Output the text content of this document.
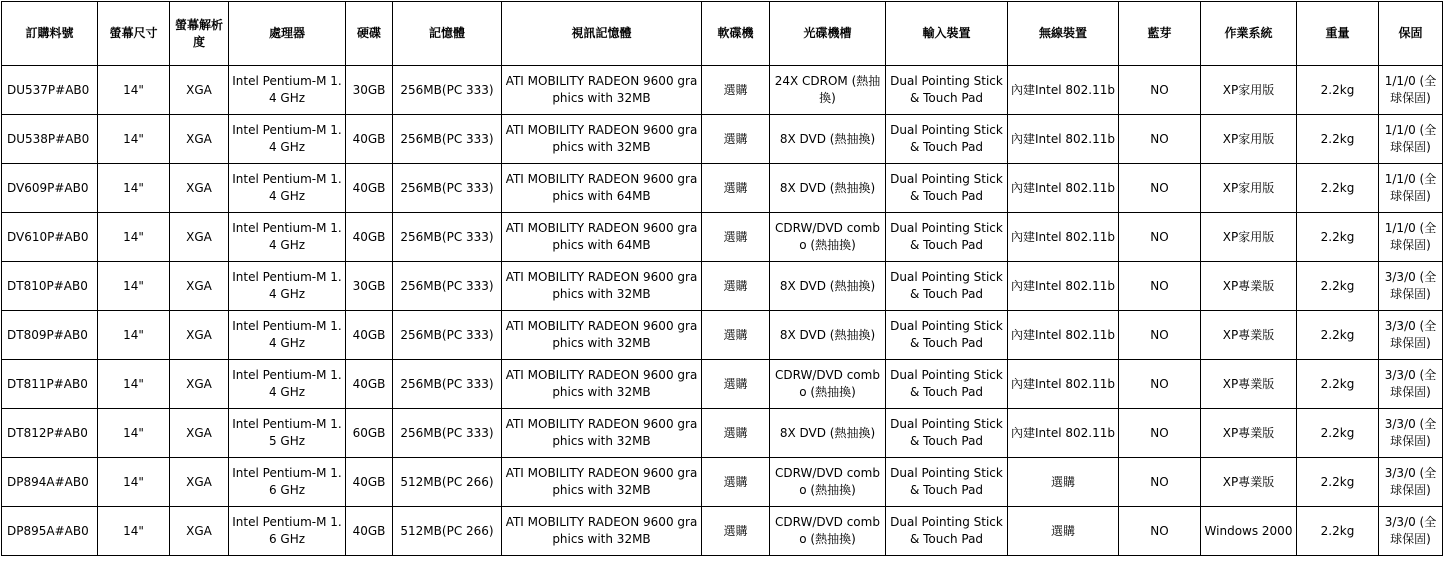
訂購料號	螢幕尺寸	螢幕解析度	處理器	硬碟	記憶體	視訊記憶體	軟碟機	光碟機槽	輸入裝置	無線裝置	藍芽	作業系統	重量	保固
DU537P#AB0	14"	XGA	Intel Pentium-M 1.4 GHz	30GB	256MB(PC 333)	ATI MOBILITY RADEON 9600 graphics with 32MB	選購	24X CDROM (熱抽換)	Dual Pointing Stick & Touch Pad	內建Intel 802.11b	NO	XP家用版	2.2kg	1/1/0 (全球保固)
DU538P#AB0	14"	XGA	Intel Pentium-M 1.4 GHz	40GB	256MB(PC 333)	ATI MOBILITY RADEON 9600 graphics with 32MB	選購	8X DVD (熱抽換)	Dual Pointing Stick & Touch Pad	內建Intel 802.11b	NO	XP家用版	2.2kg	1/1/0 (全球保固)
DV609P#AB0	14"	XGA	Intel Pentium-M 1.4 GHz	40GB	256MB(PC 333)	ATI MOBILITY RADEON 9600 graphics with 64MB	選購	8X DVD (熱抽換)	Dual Pointing Stick & Touch Pad	內建Intel 802.11b	NO	XP家用版	2.2kg	1/1/0 (全球保固)
DV610P#AB0	14"	XGA	Intel Pentium-M 1.4 GHz	40GB	256MB(PC 333)	ATI MOBILITY RADEON 9600 graphics with 64MB	選購	CDRW/DVD combo (熱抽換)	Dual Pointing Stick & Touch Pad	內建Intel 802.11b	NO	XP家用版	2.2kg	1/1/0 (全球保固)
DT810P#AB0	14"	XGA	Intel Pentium-M 1.4 GHz	30GB	256MB(PC 333)	ATI MOBILITY RADEON 9600 graphics with 32MB	選購	8X DVD (熱抽換)	Dual Pointing Stick & Touch Pad	內建Intel 802.11b	NO	XP專業版	2.2kg	3/3/0 (全球保固)
DT809P#AB0	14"	XGA	Intel Pentium-M 1.4 GHz	40GB	256MB(PC 333)	ATI MOBILITY RADEON 9600 graphics with 32MB	選購	8X DVD (熱抽換)	Dual Pointing Stick & Touch Pad	內建Intel 802.11b	NO	XP專業版	2.2kg	3/3/0 (全球保固)
DT811P#AB0	14"	XGA	Intel Pentium-M 1.4 GHz	40GB	256MB(PC 333)	ATI MOBILITY RADEON 9600 graphics with 32MB	選購	CDRW/DVD combo (熱抽換)	Dual Pointing Stick & Touch Pad	內建Intel 802.11b	NO	XP專業版	2.2kg	3/3/0 (全球保固)
DT812P#AB0	14"	XGA	Intel Pentium-M 1.5 GHz	60GB	256MB(PC 333)	ATI MOBILITY RADEON 9600 graphics with 32MB	選購	8X DVD (熱抽換)	Dual Pointing Stick & Touch Pad	內建Intel 802.11b	NO	XP專業版	2.2kg	3/3/0 (全球保固)
DP894A#AB0	14"	XGA	Intel Pentium-M 1.6 GHz	40GB	512MB(PC 266)	ATI MOBILITY RADEON 9600 graphics with 32MB	選購	CDRW/DVD combo (熱抽換)	Dual Pointing Stick & Touch Pad	選購	NO	XP專業版	2.2kg	3/3/0 (全球保固)
DP895A#AB0	14"	XGA	Intel Pentium-M 1.6 GHz	40GB	512MB(PC 266)	ATI MOBILITY RADEON 9600 graphics with 32MB	選購	CDRW/DVD combo (熱抽換)	Dual Pointing Stick & Touch Pad	選購	NO	Windows 2000	2.2kg	3/3/0 (全球保固)
